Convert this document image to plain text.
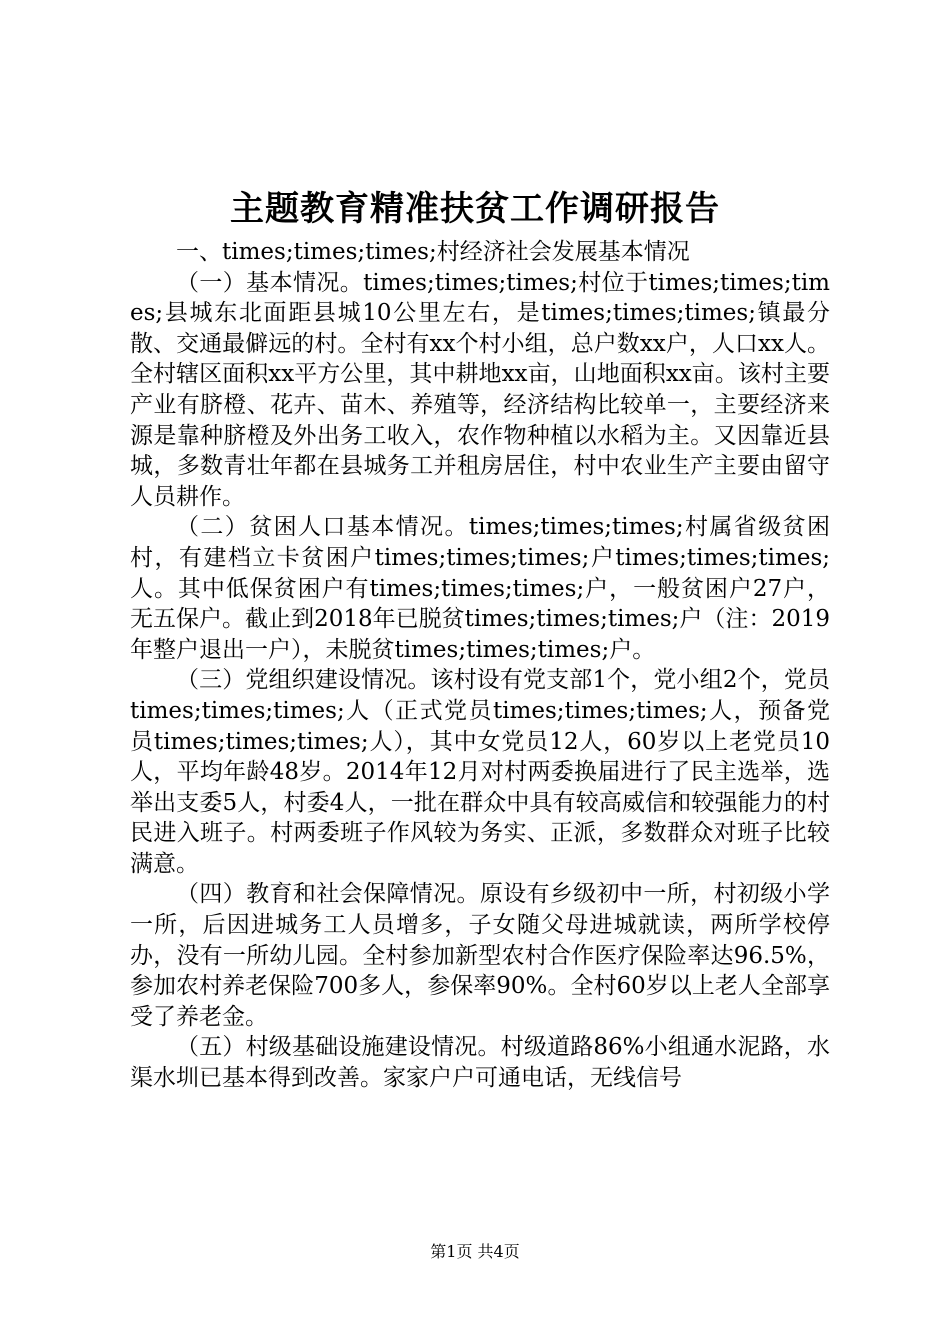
主题教育精准扶贫工作调研报告

一、times;times;times;村经济社会发展基本情况

（一）基本情况。times;times;times;村位于times;times;times;县城东北面距县城10公里左右，是times;times;times;镇最分散、交通最僻远的村。全村有xx个村小组，总户数xx户，人口xx人。全村辖区面积xx平方公里，其中耕地xx亩，山地面积xx亩。该村主要产业有脐橙、花卉、苗木、养殖等，经济结构比较单一，主要经济来源是靠种脐橙及外出务工收入，农作物种植以水稻为主。又因靠近县城，多数青壮年都在县城务工并租房居住，村中农业生产主要由留守人员耕作。

（二）贫困人口基本情况。times;times;times;村属省级贫困村，有建档立卡贫困户times;times;times;户times;times;times;人。其中低保贫困户有times;times;times;户，一般贫困户27户，无五保户。截止到2018年已脱贫times;times;times;户（注：2019年整户退出一户），未脱贫times;times;times;户。

（三）党组织建设情况。该村设有党支部1个，党小组2个，党员times;times;times;人（正式党员times;times;times;人，预备党员times;times;times;人），其中女党员12人，60岁以上老党员10人，平均年龄48岁。2014年12月对村两委换届进行了民主选举，选举出支委5人，村委4人，一批在群众中具有较高威信和较强能力的村民进入班子。村两委班子作风较为务实、正派，多数群众对班子比较满意。

（四）教育和社会保障情况。原设有乡级初中一所，村初级小学一所，后因进城务工人员增多，子女随父母进城就读，两所学校停办，没有一所幼儿园。全村参加新型农村合作医疗保险率达96.5%，参加农村养老保险700多人，参保率90%。全村60岁以上老人全部享受了养老金。

（五）村级基础设施建设情况。村级道路86%小组通水泥路，水渠水圳已基本得到改善。家家户户可通电话，无线信号

第1页 共4页
